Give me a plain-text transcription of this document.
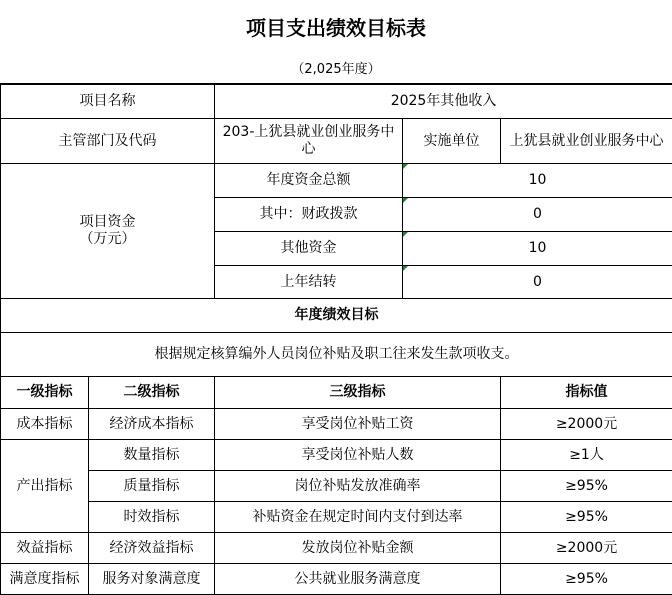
项目支出绩效目标表
（2,025年度）
项目名称		2025年其他收入		
主管部门及代码		203-上犹县就业创业服务中心	实施单位	上犹县就业创业服务中心

项目资金
（万元）		年度资金总额	10	
		其中：财政拨款	0	
		其他资金	10	
		上年结转	0	
年度绩效目标				
根据规定核算编外人员岗位补贴及职工往来发生款项收支。				
一级指标	二级指标	三级指标		指标值
成本指标	经济成本指标	享受岗位补贴工资		≥2000元
产出指标	数量指标	享受岗位补贴人数		≥1人
	质量指标	岗位补贴发放准确率		≥95%
	时效指标	补贴资金在规定时间内支付到达率		≥95%
效益指标	经济效益指标	发放岗位补贴金额		≥2000元
满意度指标	服务对象满意度	公共就业服务满意度		≥95%
